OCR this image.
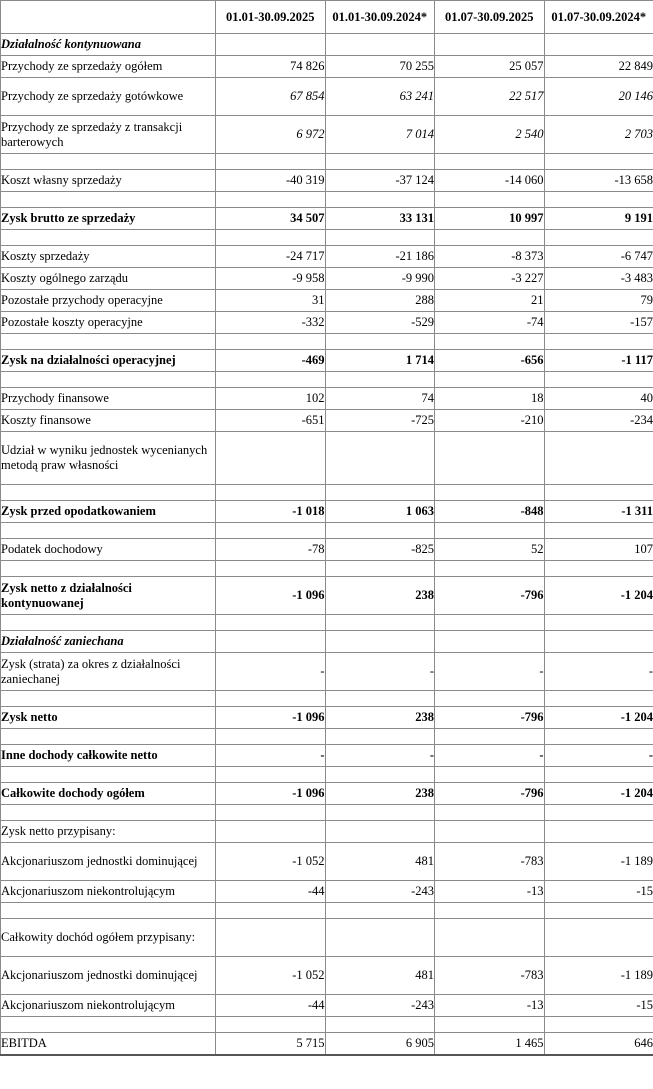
	01.01-30.09.2025	01.01-30.09.2024*	01.07-30.09.2025	01.07-30.09.2024*
Działalność kontynuowana				
Przychody ze sprzedaży ogółem	74 826	70 255	25 057	22 849
Przychody ze sprzedaży gotówkowe	67 854	63 241	22 517	20 146
Przychody ze sprzedaży z transakcji barterowych	6 972	7 014	2 540	2 703

Koszt własny sprzedaży	-40 319	-37 124	-14 060	-13 658

Zysk brutto ze sprzedaży	34 507	33 131	10 997	9 191

Koszty sprzedaży	-24 717	-21 186	-8 373	-6 747
Koszty ogólnego zarządu	-9 958	-9 990	-3 227	-3 483
Pozostałe przychody operacyjne	31	288	21	79
Pozostałe koszty operacyjne	-332	-529	-74	-157

Zysk na działalności operacyjnej	-469	1 714	-656	-1 117

Przychody finansowe	102	74	18	40
Koszty finansowe	-651	-725	-210	-234
Udział w wyniku jednostek wycenianych metodą praw własności				

Zysk przed opodatkowaniem	-1 018	1 063	-848	-1 311

Podatek dochodowy	-78	-825	52	107

Zysk netto z działalności kontynuowanej	-1 096	238	-796	-1 204

Działalność zaniechana				
Zysk (strata) za okres z działalności zaniechanej	-	-	-	-

Zysk netto	-1 096	238	-796	-1 204

Inne dochody całkowite netto	-	-	-	-

Całkowite dochody ogółem	-1 096	238	-796	-1 204

Zysk netto przypisany:				
Akcjonariuszom jednostki dominującej	-1 052	481	-783	-1 189
Akcjonariuszom niekontrolującym	-44	-243	-13	-15

Całkowity dochód ogółem przypisany:				
Akcjonariuszom jednostki dominującej	-1 052	481	-783	-1 189
Akcjonariuszom niekontrolującym	-44	-243	-13	-15

EBITDA	5 715	6 905	1 465	646
